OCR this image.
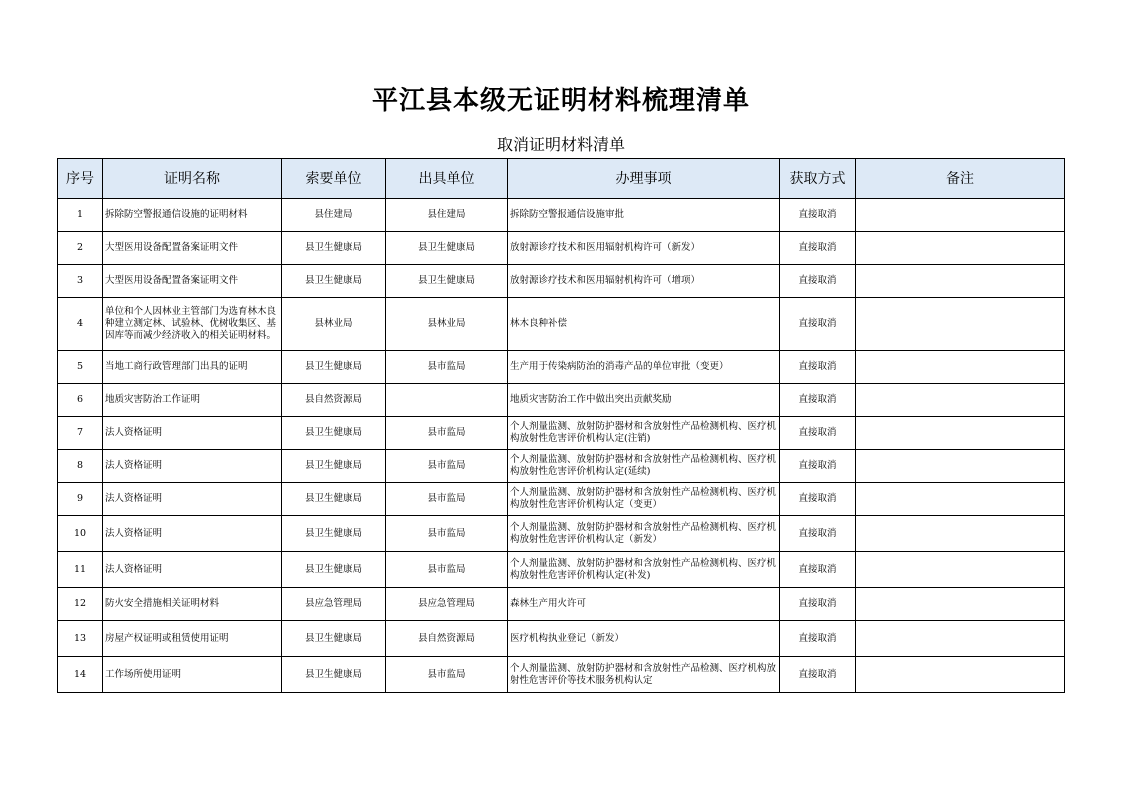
平江县本级无证明材料梳理清单
取消证明材料清单
序号	证明名称	索要单位	出具单位	办理事项	获取方式	备注
1	拆除防空警报通信设施的证明材料	县住建局	县住建局	拆除防空警报通信设施审批	直接取消	
2	大型医用设备配置备案证明文件	县卫生健康局	县卫生健康局	放射源诊疗技术和医用辐射机构许可（新发）	直接取消	
3	大型医用设备配置备案证明文件	县卫生健康局	县卫生健康局	放射源诊疗技术和医用辐射机构许可（增项）	直接取消	
4	单位和个人因林业主管部门为选育林木良种建立测定林、试验林、优树收集区、基因库等而减少经济收入的相关证明材料。	县林业局	县林业局	林木良种补偿	直接取消	
5	当地工商行政管理部门出具的证明	县卫生健康局	县市监局	生产用于传染病防治的消毒产品的单位审批（变更）	直接取消	
6	地质灾害防治工作证明	县自然资源局		地质灾害防治工作中做出突出贡献奖励	直接取消	
7	法人资格证明	县卫生健康局	县市监局	个人剂量监测、放射防护器材和含放射性产品检测机构、医疗机构放射性危害评价机构认定(注销)	直接取消	
8	法人资格证明	县卫生健康局	县市监局	个人剂量监测、放射防护器材和含放射性产品检测机构、医疗机构放射性危害评价机构认定(延续)	直接取消	
9	法人资格证明	县卫生健康局	县市监局	个人剂量监测、放射防护器材和含放射性产品检测机构、医疗机构放射性危害评价机构认定（变更）	直接取消	
10	法人资格证明	县卫生健康局	县市监局	个人剂量监测、放射防护器材和含放射性产品检测机构、医疗机构放射性危害评价机构认定（新发）	直接取消	
11	法人资格证明	县卫生健康局	县市监局	个人剂量监测、放射防护器材和含放射性产品检测机构、医疗机构放射性危害评价机构认定(补发)	直接取消	
12	防火安全措施相关证明材料	县应急管理局	县应急管理局	森林生产用火许可	直接取消	
13	房屋产权证明或租赁使用证明	县卫生健康局	县自然资源局	医疗机构执业登记（新发）	直接取消	
14	工作场所使用证明	县卫生健康局	县市监局	个人剂量监测、放射防护器材和含放射性产品检测、医疗机构放射性危害评价等技术服务机构认定	直接取消	
